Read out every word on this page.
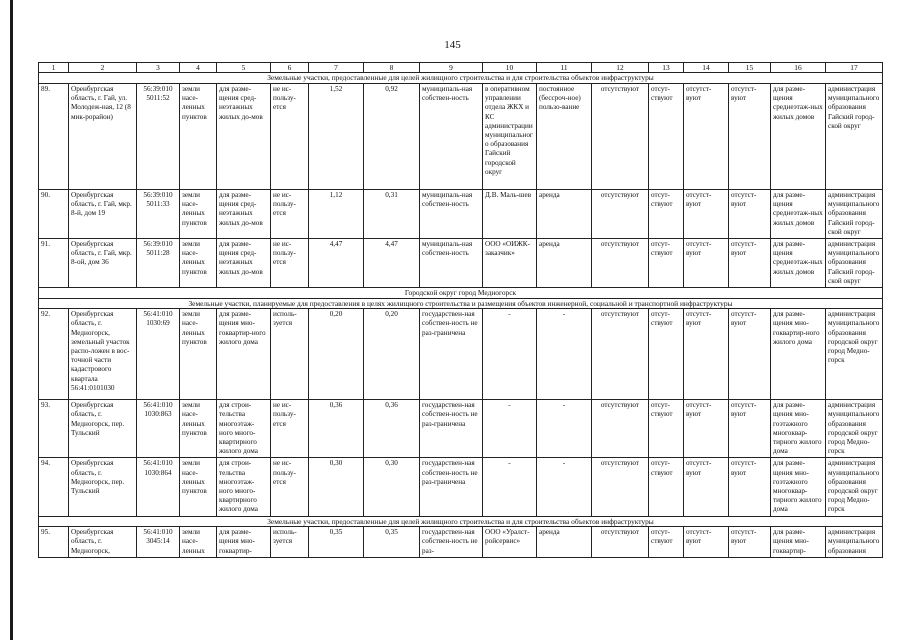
145
1	2	3	4	5	6	7	8	9	10	11	12	13	14	15	16	17
Земельные участки, предоставленные для целей жилищного строительства и для строительства объектов инфраструктуры																
89.	Оренбургская область, г. Гай, ул. Молодеж-ная, 12 (8 мик-рорайон)	56:39:010 5011:52	земли насе-ленных пунктов	для разме-щения сред-неэтажных жилых до-мов	не ис-пользу-ется	1,52	0,92	муниципаль-ная собствен-ность	в оперативном управлении отдела ЖКХ и КС администрации муниципального образования Гайский городской округ	постоянное (бессроч-ное) пользо-вание	отсутствуют	отсут-ствуют	отсутст-вуют	отсутст-вуют	для разме-щения среднеэтаж-ных жилых домов	администрация муниципального образования Гайский город-ской округ
90.	Оренбургская область, г. Гай, мкр. 8-й, дом 19	56:39:010 5011:33	земли насе-ленных пунктов	для разме-щения сред-неэтажных жилых до-мов	не ис-пользу-ется	1,12	0,31	муниципаль-ная собствен-ность	Д.В. Маль-шев	аренда	отсутствуют	отсут-ствуют	отсутст-вуют	отсутст-вуют	для разме-щения среднеэтаж-ных жилых домов	администрация муниципального образования Гайский город-ской округ
91.	Оренбургская область, г. Гай, мкр. 8-ой, дом 36	56:39:010 5011:28	земли насе-ленных пунктов	для разме-щения сред-неэтажных жилых до-мов	не ис-пользу-ется	4,47	4,47	муниципаль-ная собствен-ность	ООО «ОИЖК-заказчик»	аренда	отсутствуют	отсут-ствуют	отсутст-вуют	отсутст-вуют	для разме-щения среднеэтаж-ных жилых домов	администрация муниципального образования Гайский город-ской округ
Городской округ город Медногорск																
Земельные участки, планируемые для предоставления в целях жилищного строительства и размещения объектов инженерной, социальной и транспортной инфраструктуры																
92.	Оренбургская область, г. Медногорск, земельный участок распо-ложен в вос-точной части кадастрового квартала 56:41:0101030	56:41:010 1030:69	земли насе-ленных пунктов	для разме-щения мно-гоквартир-ного жилого дома	исполь-зуется	0,20	0,20	государствен-ная собствен-ность не раз-граничена	-	-	отсутствуют	отсут-ствуют	отсутст-вуют	отсутст-вуют	для разме-щения мно-гоквартир-ного жилого дома	администрация муниципального образования городской округ город Медно-горск
93.	Оренбургская область, г. Медногорск, пер. Тульский	56:41:010 1030:863	земли насе-ленных пунктов	для строи-тельства многоэтаж-ного много-квартирного жилого дома	не ис-пользу-ется	0,36	0,36	государствен-ная собствен-ность не раз-граничена	-	-	отсутствуют	отсут-ствуют	отсутст-вуют	отсутст-вуют	для разме-щения мно-гоэтажного многоквар-тирного жилого дома	администрация муниципального образования городской округ город Медно-горск
94.	Оренбургская область, г. Медногорск, пер. Тульский	56:41:010 1030:864	земли насе-ленных пунктов	для строи-тельства многоэтаж-ного много-квартирного жилого дома	не ис-пользу-ется	0,30	0,30	государствен-ная собствен-ность не раз-граничена	-	-	отсутствуют	отсут-ствуют	отсутст-вуют	отсутст-вуют	для разме-щения мно-гоэтажного многоквар-тирного жилого дома	администрация муниципального образования городской округ город Медно-горск
Земельные участки, предоставленные для целей жилищного строительства и для строительства объектов инфраструктуры																
95.	Оренбургская область, г. Медногорск,	56:41:010 3045:14	земли насе-ленных	для разме-щения мно-гоквартир-	исполь-зуется	0,35	0,35	государствен-ная собствен-ность не раз-	ООО «Уралст-ройсервис»	аренда	отсутствуют	отсут-ствуют	отсутст-вуют	отсутст-вуют	для разме-щения мно-гоквартир-	администрация муниципального образования
